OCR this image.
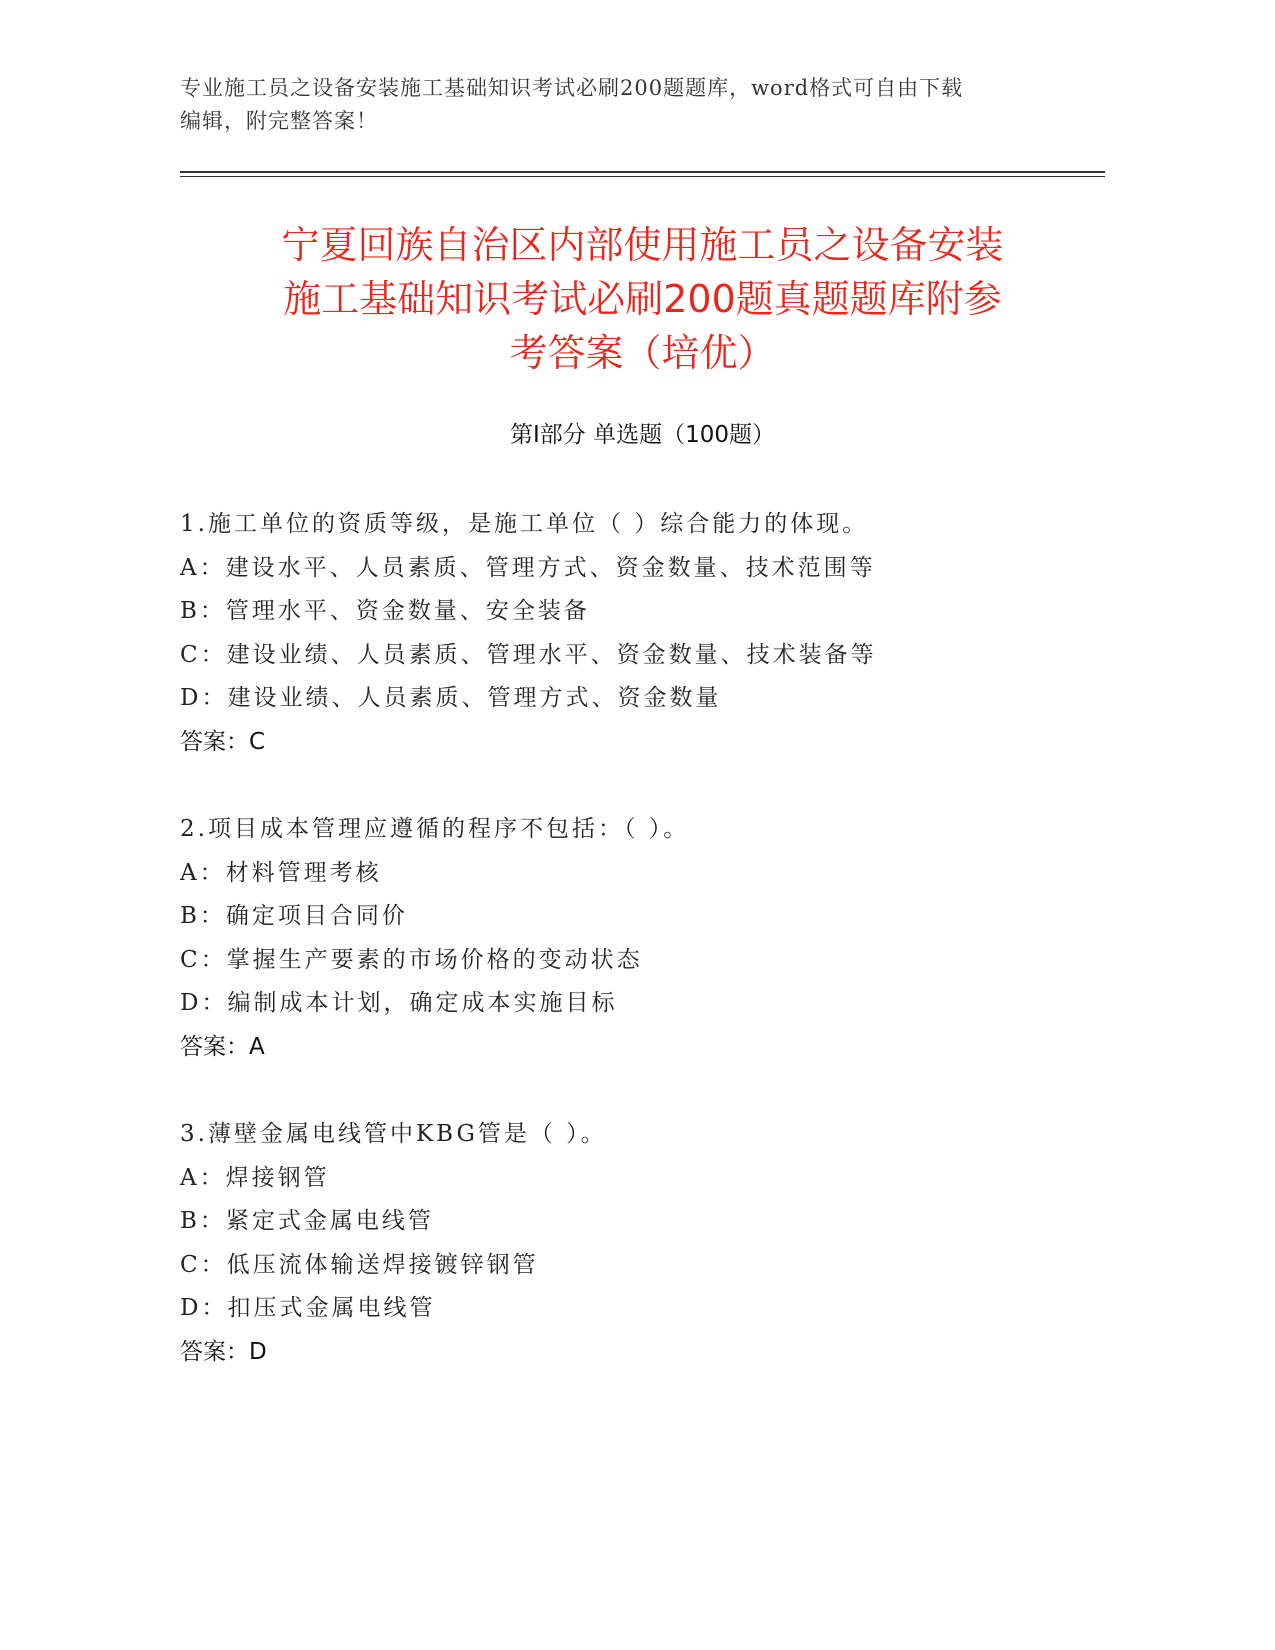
专业施工员之设备安装施工基础知识考试必刷200题题库，word格式可自由下载
编辑，附完整答案！
宁夏回族自治区内部使用施工员之设备安装
施工基础知识考试必刷200题真题题库附参
考答案（培优）
第Ⅰ部分 单选题（100题）
1.施工单位的资质等级，是施工单位（ ）综合能力的体现。
A：建设水平、人员素质、管理方式、资金数量、技术范围等
B：管理水平、资金数量、安全装备
C：建设业绩、人员素质、管理水平、资金数量、技术装备等
D：建设业绩、人员素质、管理方式、资金数量
答案：C
2.项目成本管理应遵循的程序不包括：（ ）。
A：材料管理考核
B：确定项目合同价
C：掌握生产要素的市场价格的变动状态
D：编制成本计划，确定成本实施目标
答案：A
3.薄壁金属电线管中KBG管是（ ）。
A：焊接钢管
B：紧定式金属电线管
C：低压流体输送焊接镀锌钢管
D：扣压式金属电线管
答案：D
